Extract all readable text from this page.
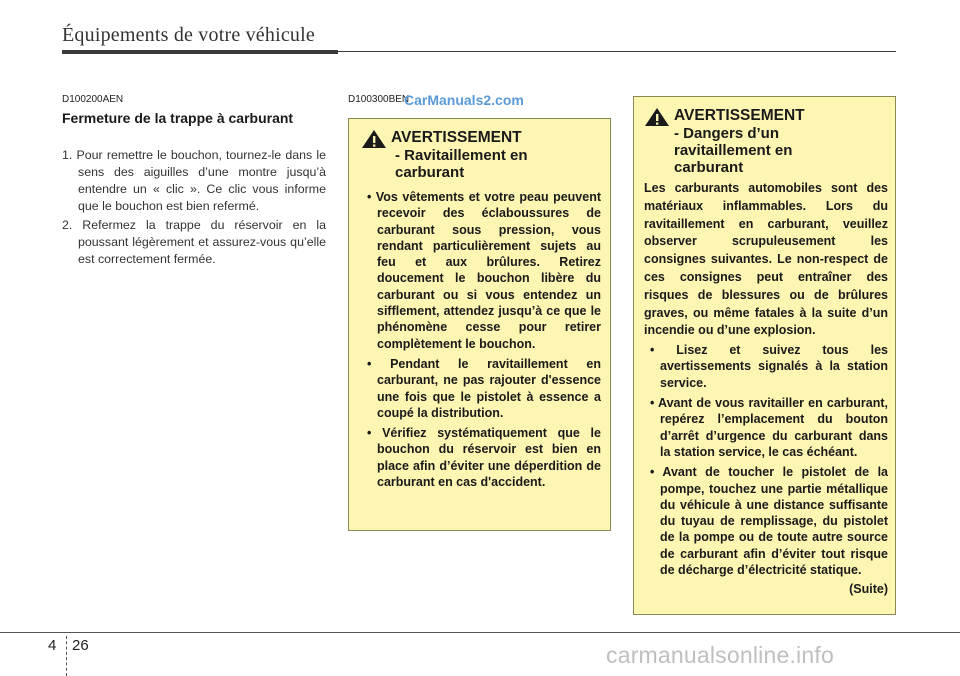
Équipements de votre véhicule
D100200AEN
Fermeture de la trappe à carburant
1. Pour remettre le bouchon, tournez-le dans le sens des aiguilles d’une montre jusqu’à entendre un « clic ». Ce clic vous informe que le bouchon est bien refermé.
2. Refermez la trappe du réservoir en la poussant légèrement et assurez-vous qu’elle est correctement fermée.
D100300BEN
CarManuals2.com
AVERTISSEMENT
- Ravitaillement en carburant
• Vos vêtements et votre peau peuvent recevoir des éclaboussures de carburant sous pression, vous rendant particulièrement sujets au feu et aux brûlures. Retirez doucement le bouchon libère du carburant ou si vous entendez un sifflement, attendez jusqu’à ce que le phénomène cesse pour retirer complètement le bouchon.
• Pendant le ravitaillement en carburant, ne pas rajouter d'essence une fois que le pistolet à essence a coupé la distribution.
• Vérifiez systématiquement que le bouchon du réservoir est bien en place afin d’éviter une déperdition de carburant en cas d'accident.
AVERTISSEMENT
- Dangers d’un ravitaillement en carburant

Les carburants automobiles sont des matériaux inflammables. Lors du ravitaillement en carburant, veuillez observer scrupuleusement les consignes suivantes. Le non-respect de ces consignes peut entraîner des risques de blessures ou de brûlures graves, ou même fatales à la suite d’un incendie ou d’une explosion.

• Lisez et suivez tous les avertissements signalés à la station service.
• Avant de vous ravitailler en carburant, repérez l’emplacement du bouton d’arrêt d’urgence du carburant dans la station service, le cas échéant.
• Avant de toucher le pistolet de la pompe, touchez une partie métallique du véhicule à une distance suffisante du tuyau de remplissage, du pistolet de la pompe ou de toute autre source de carburant afin d’éviter tout risque de décharge d’électricité statique.
(Suite)
4 26	carmanualsonline.info
